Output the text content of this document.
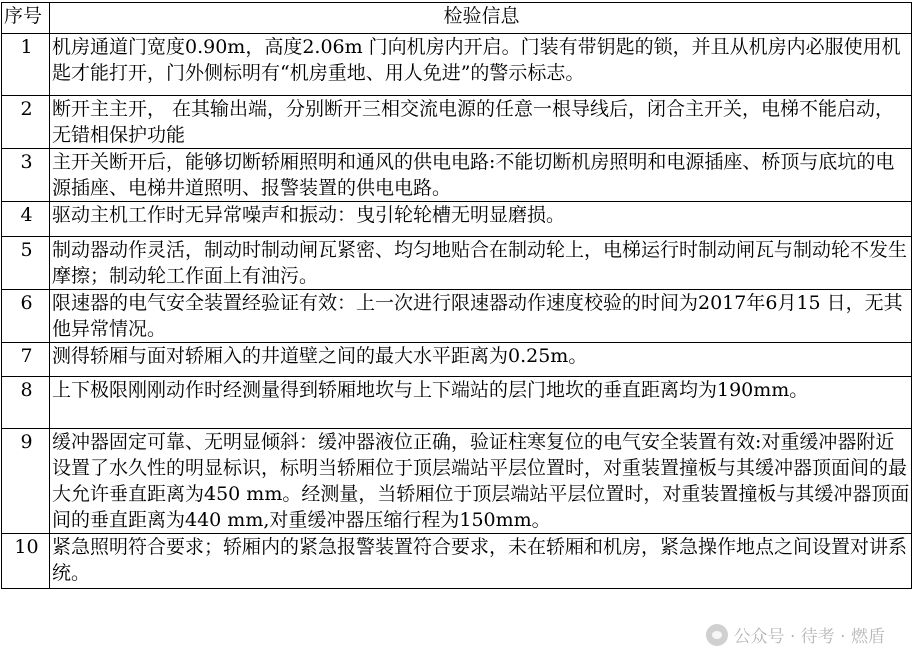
序号	检验信息
1	机房通道门宽度0.90m，高度2.06m 门向机房内开启。门装有带钥匙的锁，并且从机房内必服使用机匙才能打开，门外侧标明有“机房重地、用人免进”的警示标志。
2	断开主主开， 在其输出端，分别断开三相交流电源的任意一根导线后，闭合主开关，电梯不能启动，无错相保护功能
3	主开关断开后，能够切断轿厢照明和通风的供电电路:不能切断机房照明和电源插座、桥顶与底坑的电源插座、电梯井道照明、报警装置的供电电路。
4	驱动主机工作时无异常噪声和振动：曳引轮轮槽无明显磨损。
5	制动器动作灵活，制动时制动闸瓦紧密、均匀地贴合在制动轮上，电梯运行时制动闸瓦与制动轮不发生摩擦；制动轮工作面上有油污。
6	限速器的电气安全装置经验证有效：上一次进行限速器动作速度校验的时间为2017年6月15 日，无其他异常情况。
7	测得轿厢与面对轿厢入的井道壁之间的最大水平距离为0.25m。
8	上下极限刚刚动作时经测量得到轿厢地坎与上下端站的层门地坎的垂直距离均为190mm。
9	缓冲器固定可靠、无明显倾斜：缓冲器液位正确，验证柱寒复位的电气安全装置有效:对重缓冲器附近设置了水久性的明显标识，标明当轿厢位于顶层端站平层位置时，对重装置撞板与其缓冲器顶面间的最大允许垂直距离为450 mm。经测量，当轿厢位于顶层端站平层位置时，对重装置撞板与其缓冲器顶面间的垂直距离为440 mm,对重缓冲器压缩行程为150mm。
10	紧急照明符合要求；轿厢内的紧急报警装置符合要求，未在轿厢和机房，紧急操作地点之间设置对讲系统。
公众号 · 待考 · 燃盾
